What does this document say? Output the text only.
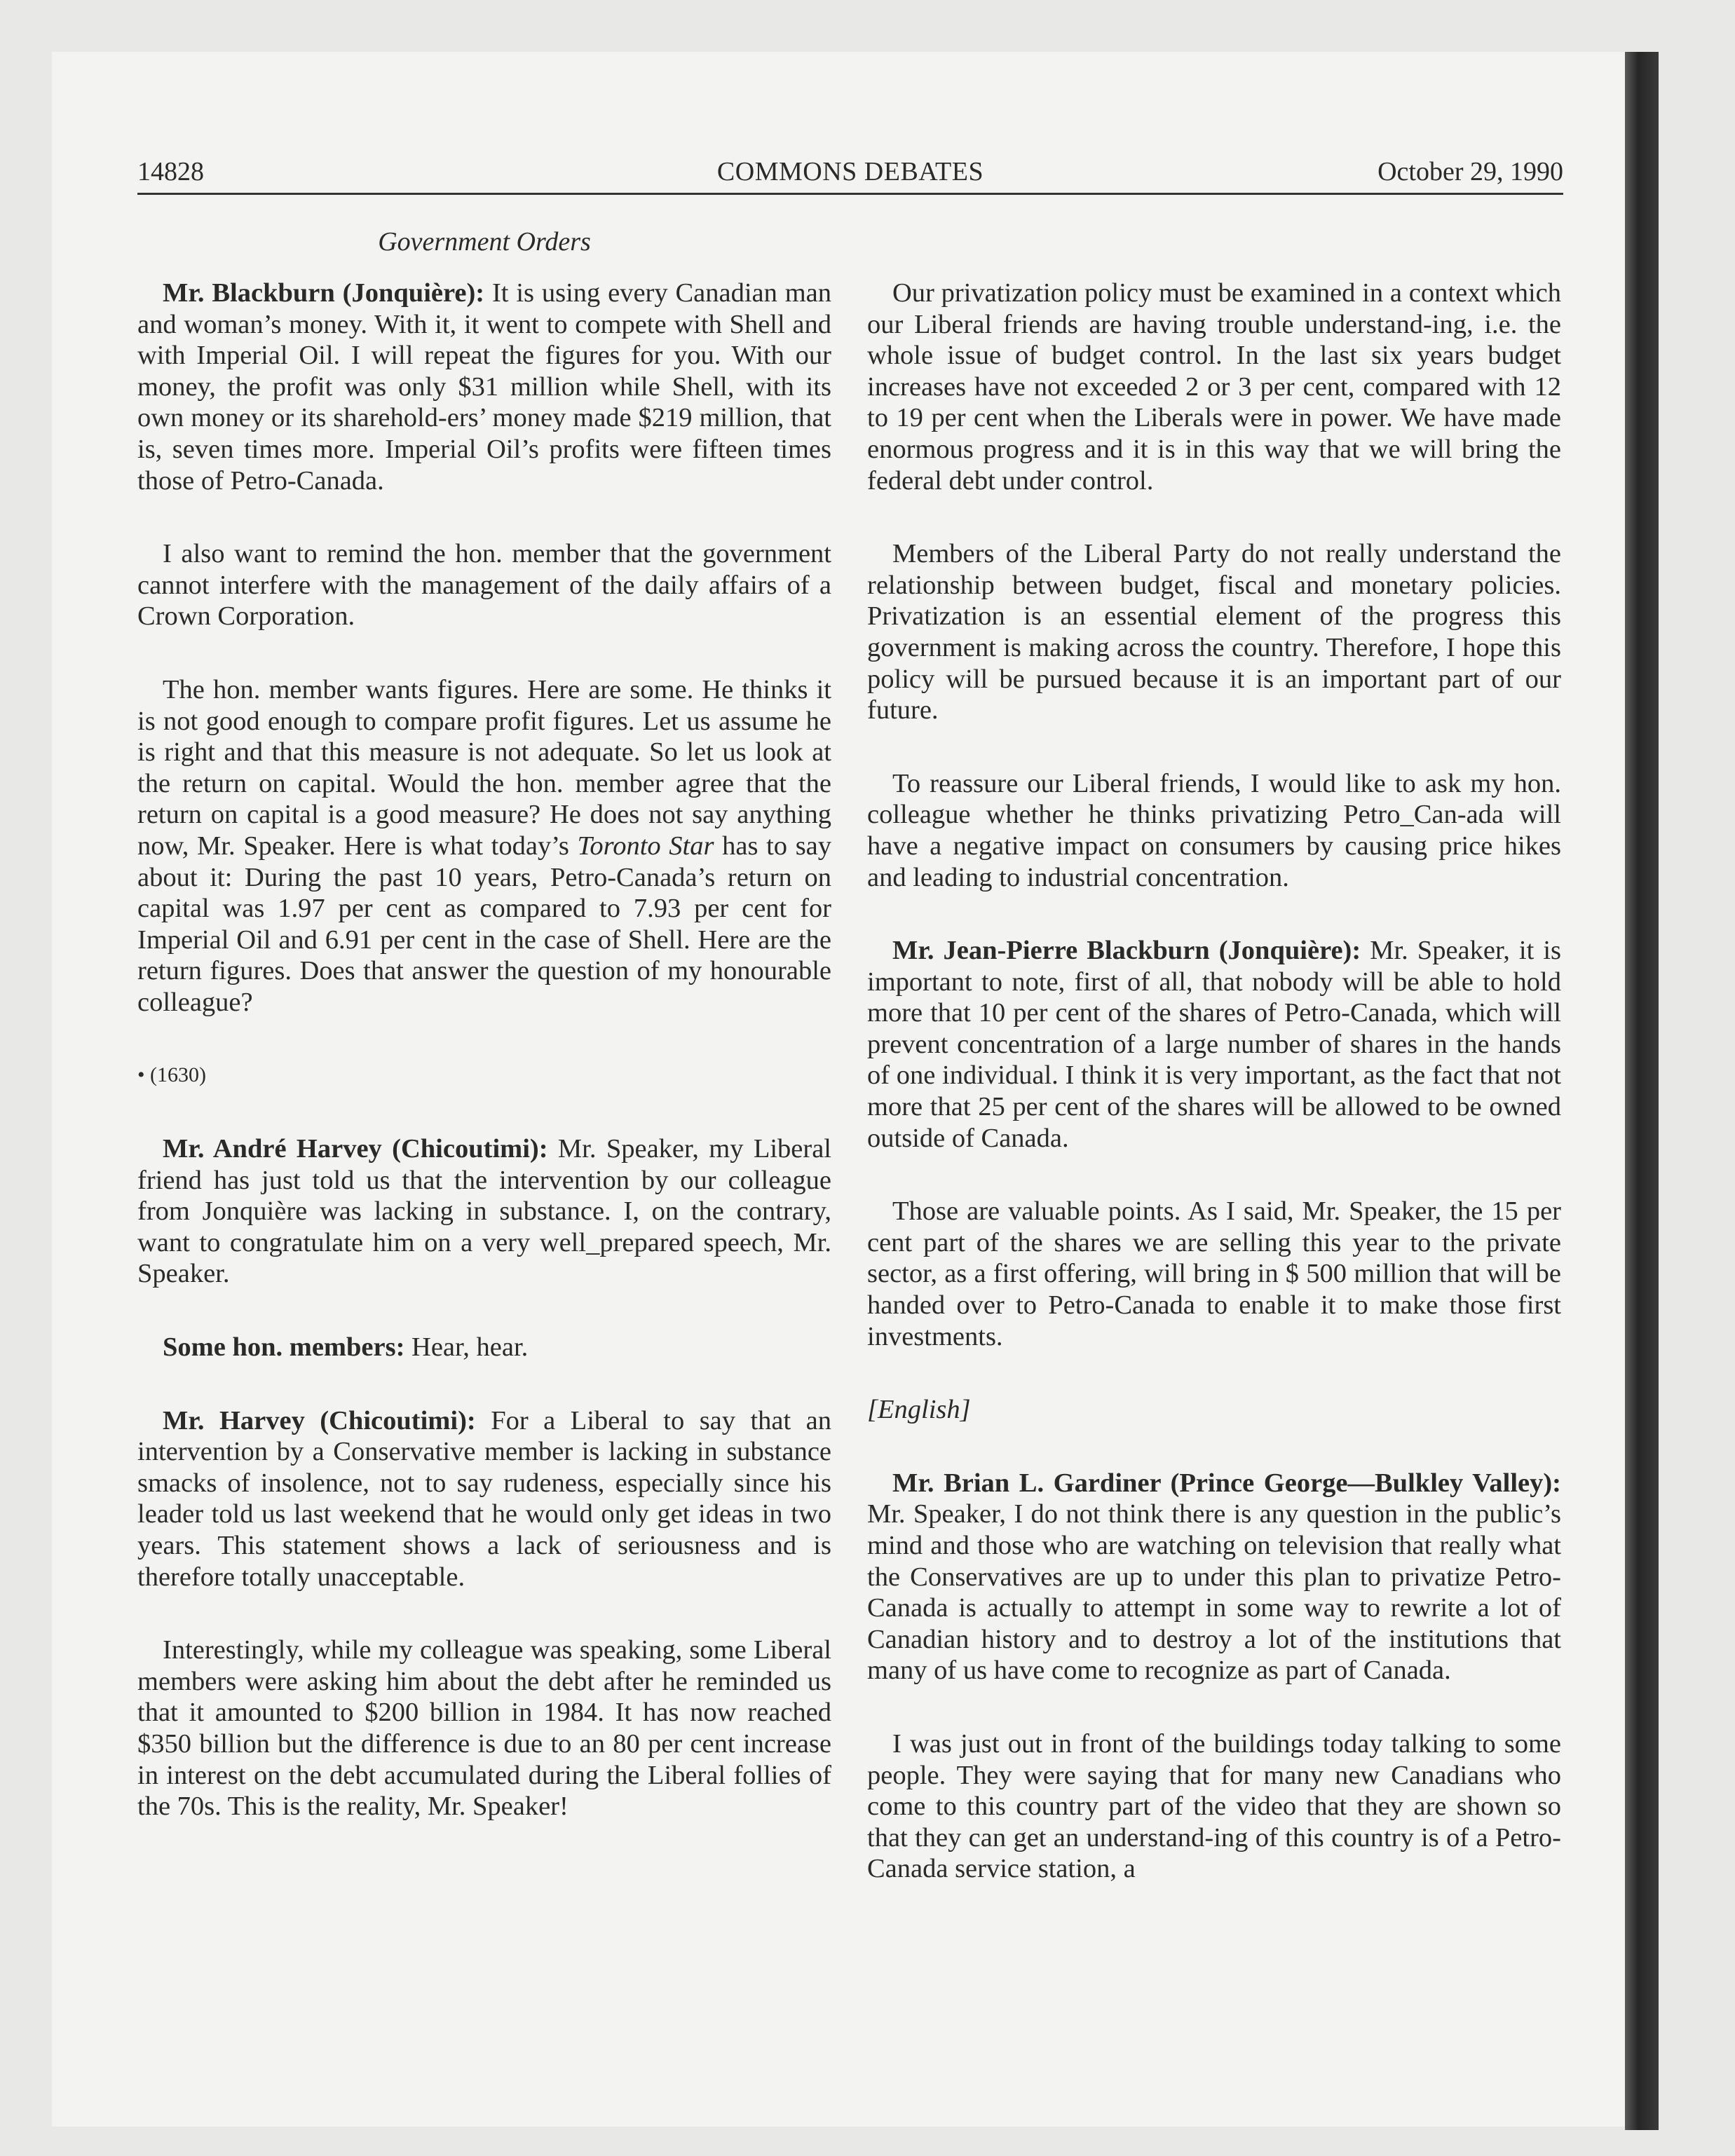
14828	COMMONS DEBATES	October 29, 1990
Government Orders

Mr. Blackburn (Jonquière): It is using every Canadian man and woman’s money. With it, it went to compete with Shell and with Imperial Oil. I will repeat the figures for you. With our money, the profit was only $31 million while Shell, with its own money or its sharehold-ers’ money made $219 million, that is, seven times more. Imperial Oil’s profits were fifteen times those of Petro-Canada.

I also want to remind the hon. member that the government cannot interfere with the management of the daily affairs of a Crown Corporation.

The hon. member wants figures. Here are some. He thinks it is not good enough to compare profit figures. Let us assume he is right and that this measure is not adequate. So let us look at the return on capital. Would the hon. member agree that the return on capital is a good measure? He does not say anything now, Mr. Speaker. Here is what today’s Toronto Star has to say about it: During the past 10 years, Petro-Canada’s return on capital was 1.97 per cent as compared to 7.93 per cent for Imperial Oil and 6.91 per cent in the case of Shell. Here are the return figures. Does that answer the question of my honourable colleague?

• (1630)

Mr. André Harvey (Chicoutimi): Mr. Speaker, my Liberal friend has just told us that the intervention by our colleague from Jonquière was lacking in substance. I, on the contrary, want to congratulate him on a very well_prepared speech, Mr. Speaker.

Some hon. members: Hear, hear.

Mr. Harvey (Chicoutimi): For a Liberal to say that an intervention by a Conservative member is lacking in substance smacks of insolence, not to say rudeness, especially since his leader told us last weekend that he would only get ideas in two years. This statement shows a lack of seriousness and is therefore totally unacceptable.

Interestingly, while my colleague was speaking, some Liberal members were asking him about the debt after he reminded us that it amounted to $200 billion in 1984. It has now reached $350 billion but the difference is due to an 80 per cent increase in interest on the debt accumulated during the Liberal follies of the 70s. This is the reality, Mr. Speaker!

Our privatization policy must be examined in a context which our Liberal friends are having trouble understand-ing, i.e. the whole issue of budget control. In the last six years budget increases have not exceeded 2 or 3 per cent, compared with 12 to 19 per cent when the Liberals were in power. We have made enormous progress and it is in this way that we will bring the federal debt under control.

Members of the Liberal Party do not really understand the relationship between budget, fiscal and monetary policies. Privatization is an essential element of the progress this government is making across the country. Therefore, I hope this policy will be pursued because it is an important part of our future.

To reassure our Liberal friends, I would like to ask my hon. colleague whether he thinks privatizing Petro_Can-ada will have a negative impact on consumers by causing price hikes and leading to industrial concentration.

Mr. Jean-Pierre Blackburn (Jonquière): Mr. Speaker, it is important to note, first of all, that nobody will be able to hold more that 10 per cent of the shares of Petro-Canada, which will prevent concentration of a large number of shares in the hands of one individual. I think it is very important, as the fact that not more that 25 per cent of the shares will be allowed to be owned outside of Canada.

Those are valuable points. As I said, Mr. Speaker, the 15 per cent part of the shares we are selling this year to the private sector, as a first offering, will bring in $ 500 million that will be handed over to Petro-Canada to enable it to make those first investments.

[English]

Mr. Brian L. Gardiner (Prince George—Bulkley Valley): Mr. Speaker, I do not think there is any question in the public’s mind and those who are watching on television that really what the Conservatives are up to under this plan to privatize Petro-Canada is actually to attempt in some way to rewrite a lot of Canadian history and to destroy a lot of the institutions that many of us have come to recognize as part of Canada.

I was just out in front of the buildings today talking to some people. They were saying that for many new Canadians who come to this country part of the video that they are shown so that they can get an understand-ing of this country is of a Petro-Canada service station, a
